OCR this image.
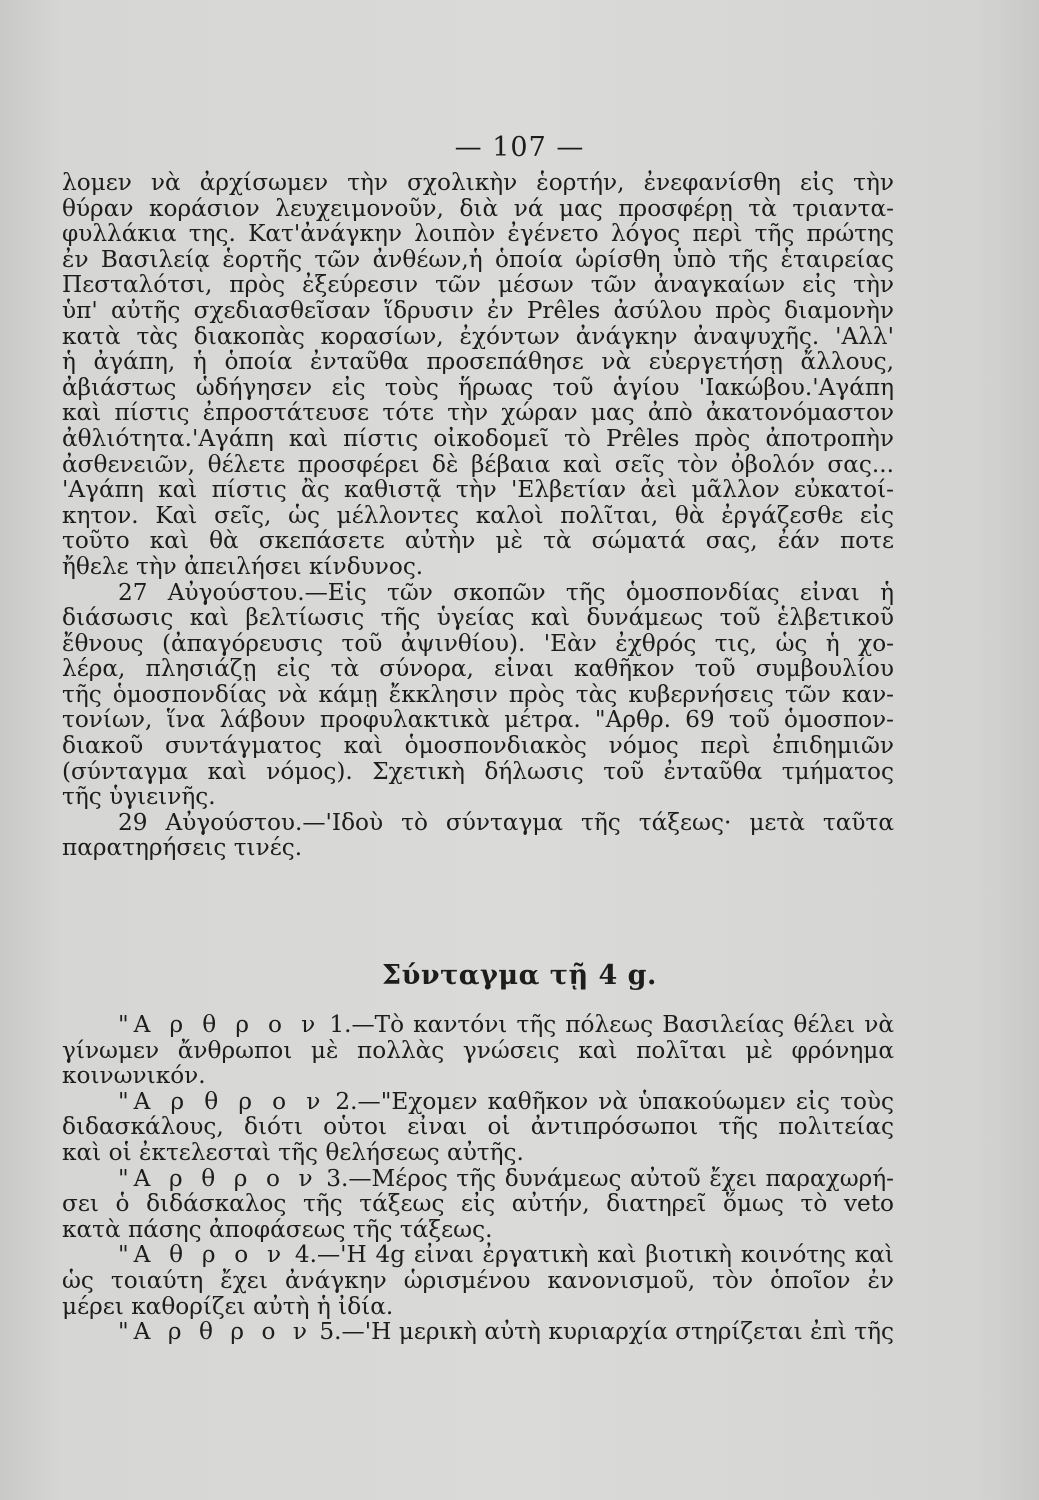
— 107 —
λομεν νὰ ἀρχίσωμεν τὴν σχολικὴν ἑορτήν, ἐνεφανίσθη εἰς τὴν
θύραν κοράσιον λευχειμονοῦν, διὰ νά μας προσφέρῃ τὰ τριαντα-
φυλλάκια της. Κατ'ἀνάγκην λοιπὸν ἐγένετο λόγος περὶ τῆς πρώτης
ἐν Βασιλείᾳ ἑορτῆς τῶν ἀνθέων,ἡ ὁποία ὡρίσθη ὑπὸ τῆς ἑταιρείας
Πεσταλότσι, πρὸς ἐξεύρεσιν τῶν μέσων τῶν ἀναγκαίων εἰς τὴν
ὑπ' αὐτῆς σχεδιασθεῖσαν ἵδρυσιν ἐν Prêles ἀσύλου πρὸς διαμονὴν
κατὰ τὰς διακοπὰς κορασίων, ἐχόντων ἀνάγκην ἀναψυχῆς. 'Αλλ'
ἡ ἀγάπη, ἡ ὁποία ἐνταῦθα προσεπάθησε νὰ εὐεργετήσῃ ἄλλους,
ἀβιάστως ὡδήγησεν εἰς τοὺς ἥρωας τοῦ ἁγίου 'Ιακώβου.'Αγάπη
καὶ πίστις ἐπροστάτευσε τότε τὴν χώραν μας ἀπὸ ἀκατονόμαστον
ἀθλιότητα.'Αγάπη καὶ πίστις οἰκοδομεῖ τὸ Prêles πρὸς ἀποτροπὴν
ἀσθενειῶν, θέλετε προσφέρει δὲ βέβαια καὶ σεῖς τὸν ὀβολόν σας...
'Αγάπη καὶ πίστις ἂς καθιστᾷ τὴν 'Ελβετίαν ἀεὶ μᾶλλον εὐκατοί-
κητον. Καὶ σεῖς, ὡς μέλλοντες καλοὶ πολῖται, θὰ ἐργάζεσθε εἰς
τοῦτο καὶ θὰ σκεπάσετε αὐτὴν μὲ τὰ σώματά σας, ἐάν ποτε
ἤθελε τὴν ἀπειλήσει κίνδυνος.
27 Αὐγούστου.—Εἷς τῶν σκοπῶν τῆς ὁμοσπονδίας εἶναι ἡ
διάσωσις καὶ βελτίωσις τῆς ὑγείας καὶ δυνάμεως τοῦ ἑλβετικοῦ
ἔθνους (ἀπαγόρευσις τοῦ ἀψινθίου). 'Εὰν ἐχθρός τις, ὡς ἡ χο-
λέρα, πλησιάζῃ εἰς τὰ σύνορα, εἶναι καθῆκον τοῦ συμβουλίου
τῆς ὁμοσπονδίας νὰ κάμῃ ἔκκλησιν πρὸς τὰς κυβερνήσεις τῶν καν-
τονίων, ἵνα λάβουν προφυλακτικὰ μέτρα. "Αρθρ. 69 τοῦ ὁμοσπον-
διακοῦ συντάγματος καὶ ὁμοσπονδιακὸς νόμος περὶ ἐπιδημιῶν
(σύνταγμα καὶ νόμος). Σχετικὴ δήλωσις τοῦ ἐνταῦθα τμήματος
τῆς ὑγιεινῆς.
29 Αὐγούστου.—'Ιδοὺ τὸ σύνταγμα τῆς τάξεως· μετὰ ταῦτα
παρατηρήσεις τινές.
Σύνταγμα τῇ 4 g.
"Α ρ θ ρ ο ν 1.—Τὸ καντόνι τῆς πόλεως Βασιλείας θέλει νὰ
γίνωμεν ἄνθρωποι μὲ πολλὰς γνώσεις καὶ πολῖται μὲ φρόνημα
κοινωνικόν.
"Α ρ θ ρ ο ν 2.—"Εχομεν καθῆκον νὰ ὑπακούωμεν εἰς τοὺς
διδασκάλους, διότι οὗτοι εἶναι οἱ ἀντιπρόσωποι τῆς πολιτείας
καὶ οἱ ἐκτελεσταὶ τῆς θελήσεως αὐτῆς.
"Α ρ θ ρ ο ν 3.—Μέρος τῆς δυνάμεως αὐτοῦ ἔχει παραχωρή-
σει ὁ διδάσκαλος τῆς τάξεως εἰς αὐτήν, διατηρεῖ ὅμως τὸ veto
κατὰ πάσης ἀποφάσεως τῆς τάξεως.
"Α θ ρ ο ν 4.—'Η 4g εἶναι ἐργατικὴ καὶ βιοτικὴ κοινότης καὶ
ὡς τοιαύτη ἔχει ἀνάγκην ὡρισμένου κανονισμοῦ, τὸν ὁποῖον ἐν
μέρει καθορίζει αὐτὴ ἡ ἰδία.
"Α ρ θ ρ ο ν 5.—'Η μερικὴ αὐτὴ κυριαρχία στηρίζεται ἐπὶ τῆς
